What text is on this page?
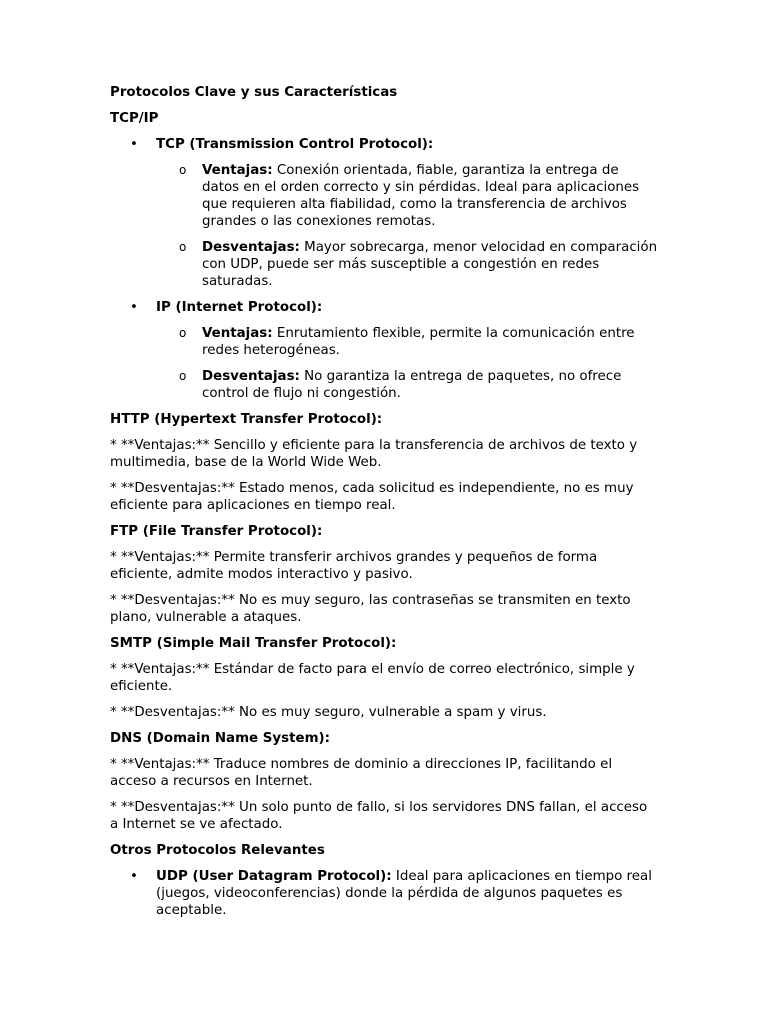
Protocolos Clave y sus Características
TCP/IP
• TCP (Transmission Control Protocol):
o Ventajas: Conexión orientada, fiable, garantiza la entrega de datos en el orden correcto y sin pérdidas. Ideal para aplicaciones que requieren alta fiabilidad, como la transferencia de archivos grandes o las conexiones remotas.
o Desventajas: Mayor sobrecarga, menor velocidad en comparación con UDP, puede ser más susceptible a congestión en redes saturadas.
• IP (Internet Protocol):
o Ventajas: Enrutamiento flexible, permite la comunicación entre redes heterogéneas.
o Desventajas: No garantiza la entrega de paquetes, no ofrece control de flujo ni congestión.
HTTP (Hypertext Transfer Protocol):

* **Ventajas:** Sencillo y eficiente para la transferencia de archivos de texto y multimedia, base de la World Wide Web.

* **Desventajas:** Estado menos, cada solicitud es independiente, no es muy eficiente para aplicaciones en tiempo real.

FTP (File Transfer Protocol):

* **Ventajas:** Permite transferir archivos grandes y pequeños de forma eficiente, admite modos interactivo y pasivo.

* **Desventajas:** No es muy seguro, las contraseñas se transmiten en texto plano, vulnerable a ataques.

SMTP (Simple Mail Transfer Protocol):

* **Ventajas:** Estándar de facto para el envío de correo electrónico, simple y eficiente.

* **Desventajas:** No es muy seguro, vulnerable a spam y virus.

DNS (Domain Name System):

* **Ventajas:** Traduce nombres de dominio a direcciones IP, facilitando el acceso a recursos en Internet.

* **Desventajas:** Un solo punto de fallo, si los servidores DNS fallan, el acceso a Internet se ve afectado.

Otros Protocolos Relevantes
• UDP (User Datagram Protocol): Ideal para aplicaciones en tiempo real (juegos, videoconferencias) donde la pérdida de algunos paquetes es aceptable.
